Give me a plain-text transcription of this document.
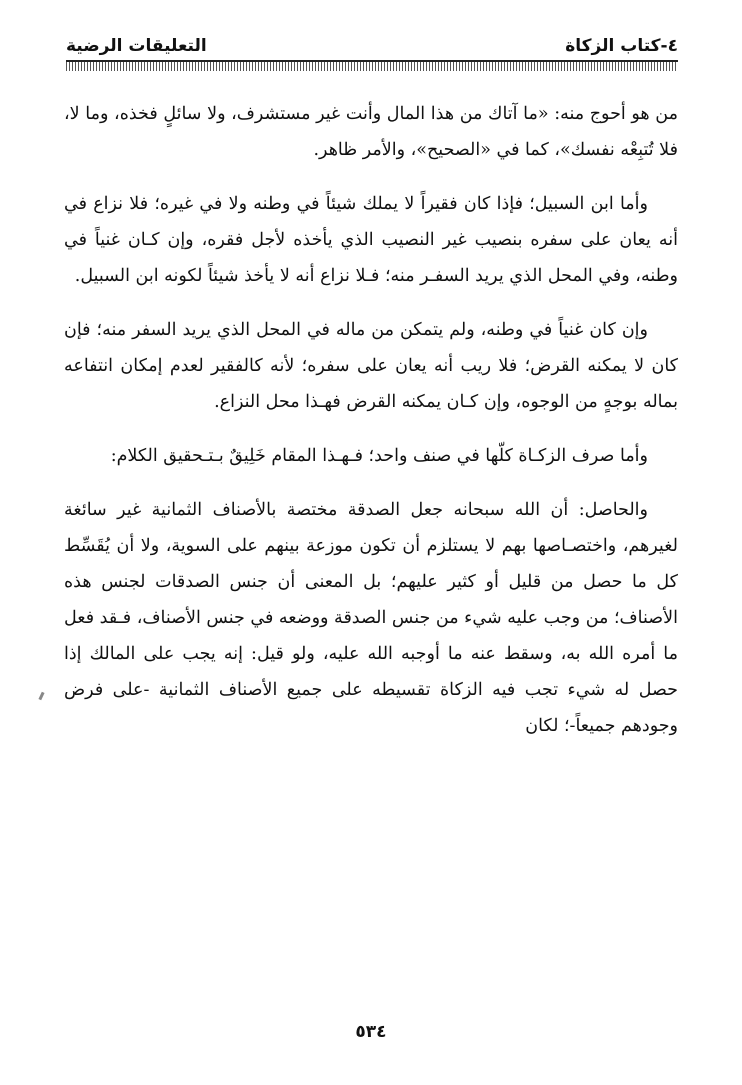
٤-كتاب الزكاة
التعليقات الرضية

من هو أحوج منه: «ما آتاك من هذا المال وأنت غير مستشرف، ولا سائلٍ فخذه، وما لا، فلا تُتبِعْه نفسك»، كما في «الصحيح»، والأمر ظاهر.

وأما ابن السبيل؛ فإذا كان فقيراً لا يملك شيئاً في وطنه ولا في غيره؛ فلا نزاع في أنه يعان على سفره بنصيب غير النصيب الذي يأخذه لأجل فقره، وإن كـان غنياً في وطنه، وفي المحل الذي يريد السفـر منه؛ فـلا نزاع أنه لا يأخذ شيئاً لكونه ابن السبيل.

وإن كان غنياً في وطنه، ولم يتمكن من ماله في المحل الذي يريد السفر منه؛ فإن كان لا يمكنه القرض؛ فلا ريب أنه يعان على سفره؛ لأنه كالفقير لعدم إمكان انتفاعه بماله بوجهٍ من الوجوه، وإن كـان يمكنه القرض فهـذا محل النزاع.

وأما صرف الزكـاة كلّها في صنف واحد؛ فـهـذا المقام خَلِيقٌ بـتـحقيق الكلام:

والحاصل: أن الله سبحانه جعل الصدقة مختصة بالأصناف الثمانية غير سائغة لغيرهم، واختصـاصها بهم لا يستلزم أن تكون موزعة بينهم على السوية، ولا أن يُقَسِّط كل ما حصل من قليل أو كثير عليهم؛ بل المعنى أن جنس الصدقات لجنس هذه الأصناف؛ من وجب عليه شيء من جنس الصدقة ووضعه في جنس الأصناف، فـقد فعل ما أمره الله به، وسقط عنه ما أوجبه الله عليه، ولو قيل: إنه يجب على المالك إذا حصل له شيء تجب فيه الزكاة تقسيطه على جميع الأصناف الثمانية -على فرض وجودهم جميعاً-؛ لكان

٥٣٤
